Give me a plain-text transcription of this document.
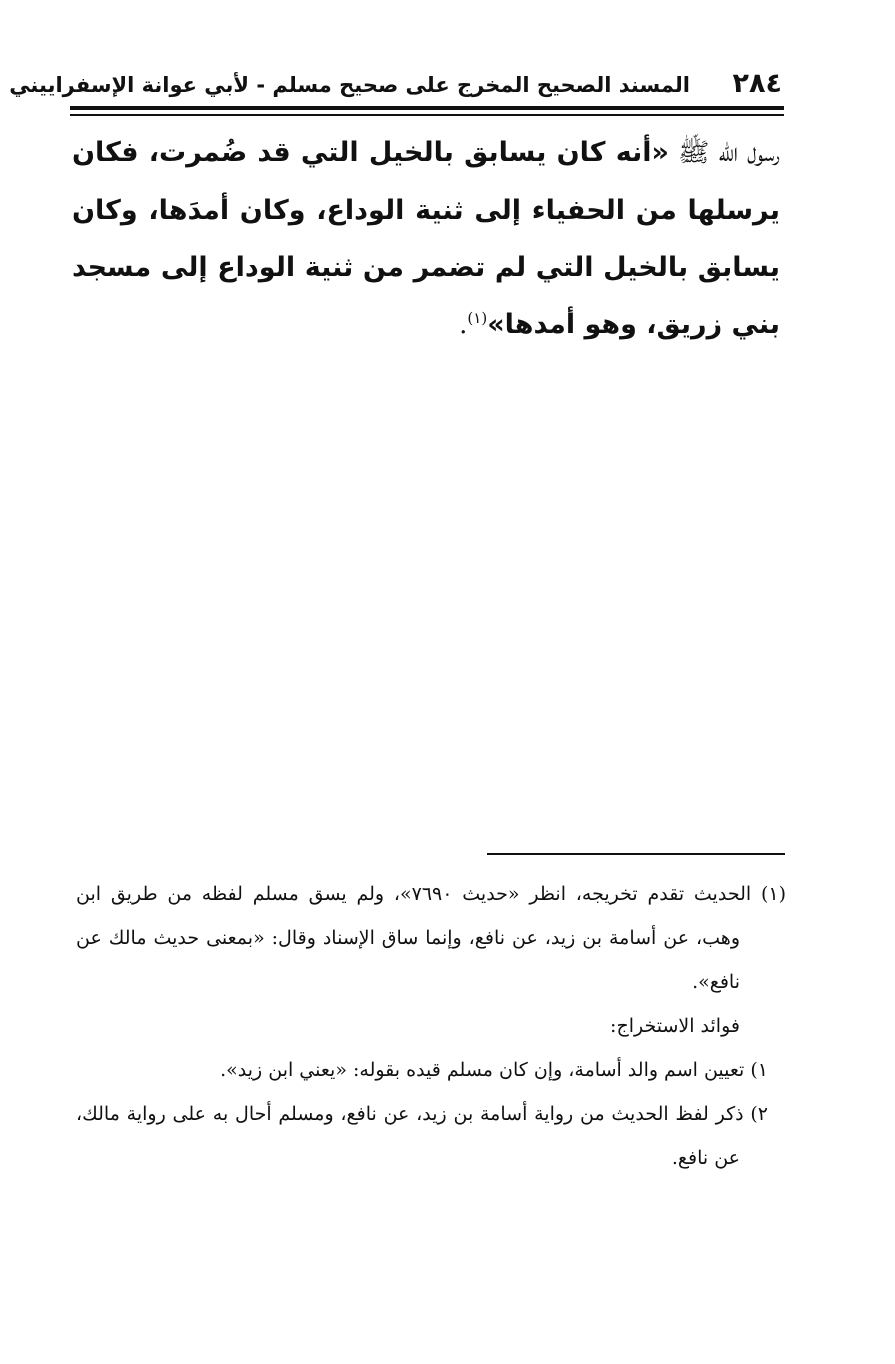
٢٨٤
المسند الصحيح المخرج على صحيح مسلم - لأبي عوانة الإسفراييني

رسول الله ﷺ «أنه كان يسابق بالخيل التي قد ضُمرت، فكان يرسلها من الحفياء إلى ثنية الوداع، وكان أمدَها، وكان يسابق بالخيل التي لم تضمر من ثنية الوداع إلى مسجد بني زريق، وهو أمدها»$^{(١)}$.

(١) الحديث تقدم تخريجه، انظر «حديث ٧٦٩٠»، ولم يسق مسلم لفظه من طريق ابن وهب، عن أسامة بن زيد، عن نافع، وإنما ساق الإسناد وقال: «بمعنى حديث مالك عن نافع».

فوائد الاستخراج:

١) تعيين اسم والد أسامة، وإن كان مسلم قيده بقوله: «يعني ابن زيد».

٢) ذكر لفظ الحديث من رواية أسامة بن زيد، عن نافع، ومسلم أحال به على رواية مالك، عن نافع.
